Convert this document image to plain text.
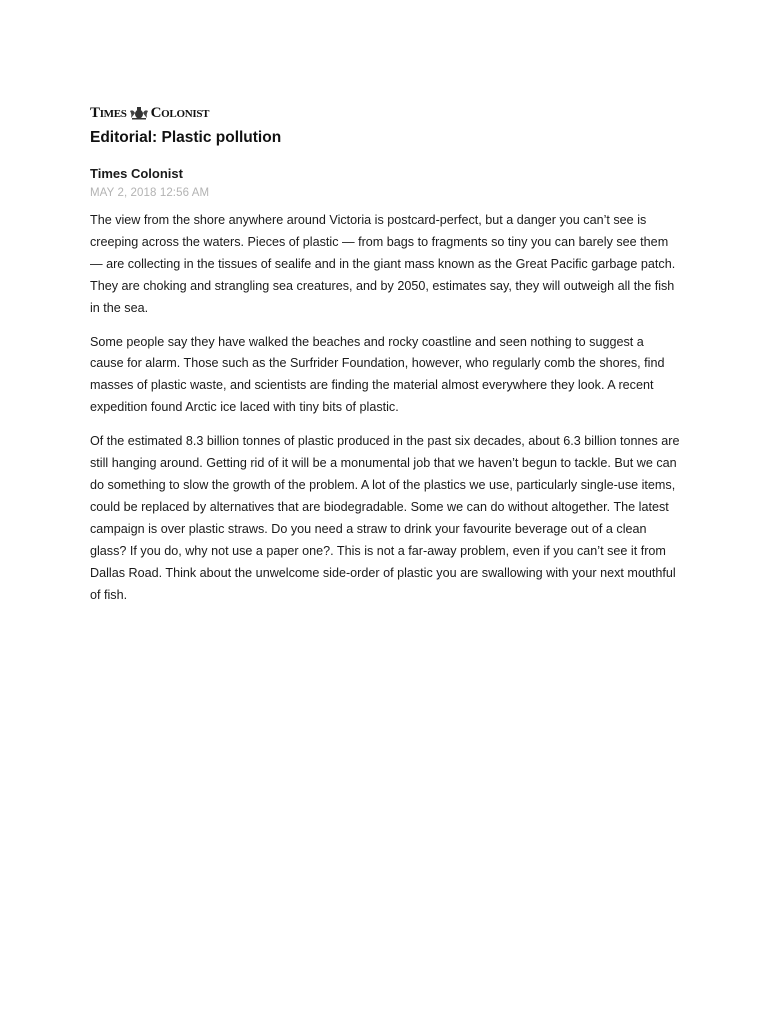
Times Colonist
Editorial: Plastic pollution
Times Colonist
MAY 2, 2018 12:56 AM

The view from the shore anywhere around Victoria is postcard-perfect, but a danger you can’t see is creeping across the waters. Pieces of plastic — from bags to fragments so tiny you can barely see them — are collecting in the tissues of sealife and in the giant mass known as the Great Pacific garbage patch. They are choking and strangling sea creatures, and by 2050, estimates say, they will outweigh all the fish in the sea.

Some people say they have walked the beaches and rocky coastline and seen nothing to suggest a cause for alarm. Those such as the Surfrider Foundation, however, who regularly comb the shores, find masses of plastic waste, and scientists are finding the material almost everywhere they look. A recent expedition found Arctic ice laced with tiny bits of plastic.

Of the estimated 8.3 billion tonnes of plastic produced in the past six decades, about 6.3 billion tonnes are still hanging around. Getting rid of it will be a monumental job that we haven’t begun to tackle. But we can do something to slow the growth of the problem. A lot of the plastics we use, particularly single-use items, could be replaced by alternatives that are biodegradable. Some we can do without altogether. The latest campaign is over plastic straws. Do you need a straw to drink your favourite beverage out of a clean glass? If you do, why not use a paper one?. This is not a far-away problem, even if you can’t see it from Dallas Road. Think about the unwelcome side-order of plastic you are swallowing with your next mouthful of fish.
